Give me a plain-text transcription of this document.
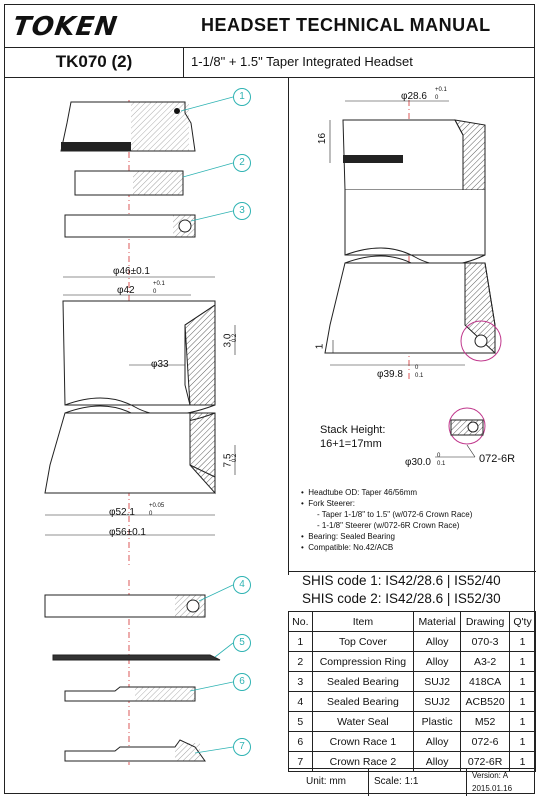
TOKEN	HEADSET TECHNICAL MANUAL
TK070 (2)	1-1/8" + 1.5" Taper Integrated Headset
φ46±0.1
φ42
+0.1
0
φ33
3.0
0.2
7.5
0.2
φ52.1
+0.05
0
φ56±0.1
φ28.6
+0.1
0
16
1
φ39.8
0
0.1
φ30.0
0
0.1	072-6R
Stack Height:
16+1=17mm
•  Headtube OD: Taper 46/56mm
•  Fork Steerer:
- Taper 1-1/8" to 1.5" (w/072-6 Crown Race)
- 1-1/8" Steerer (w/072-6R Crown Race)
•  Bearing: Sealed Bearing
•  Compatible: No.42/ACB
SHIS code 1: IS42/28.6 | IS52/40
SHIS code 2: IS42/28.6 | IS52/30
No.	Item	Material	Drawing	Q'ty
1	Top Cover	Alloy	070-3	1
2	Compression Ring	Alloy	A3-2	1
3	Sealed Bearing	SUJ2	418CA	1
4	Sealed Bearing	SUJ2	ACB520	1
5	Water Seal	Plastic	M52	1
6	Crown Race 1	Alloy	072-6	1
7	Crown Race 2	Alloy	072-6R	1
Unit: mm	Scale: 1:1
Version: A
2015.01.16
1
2
3
4
5
6
7
